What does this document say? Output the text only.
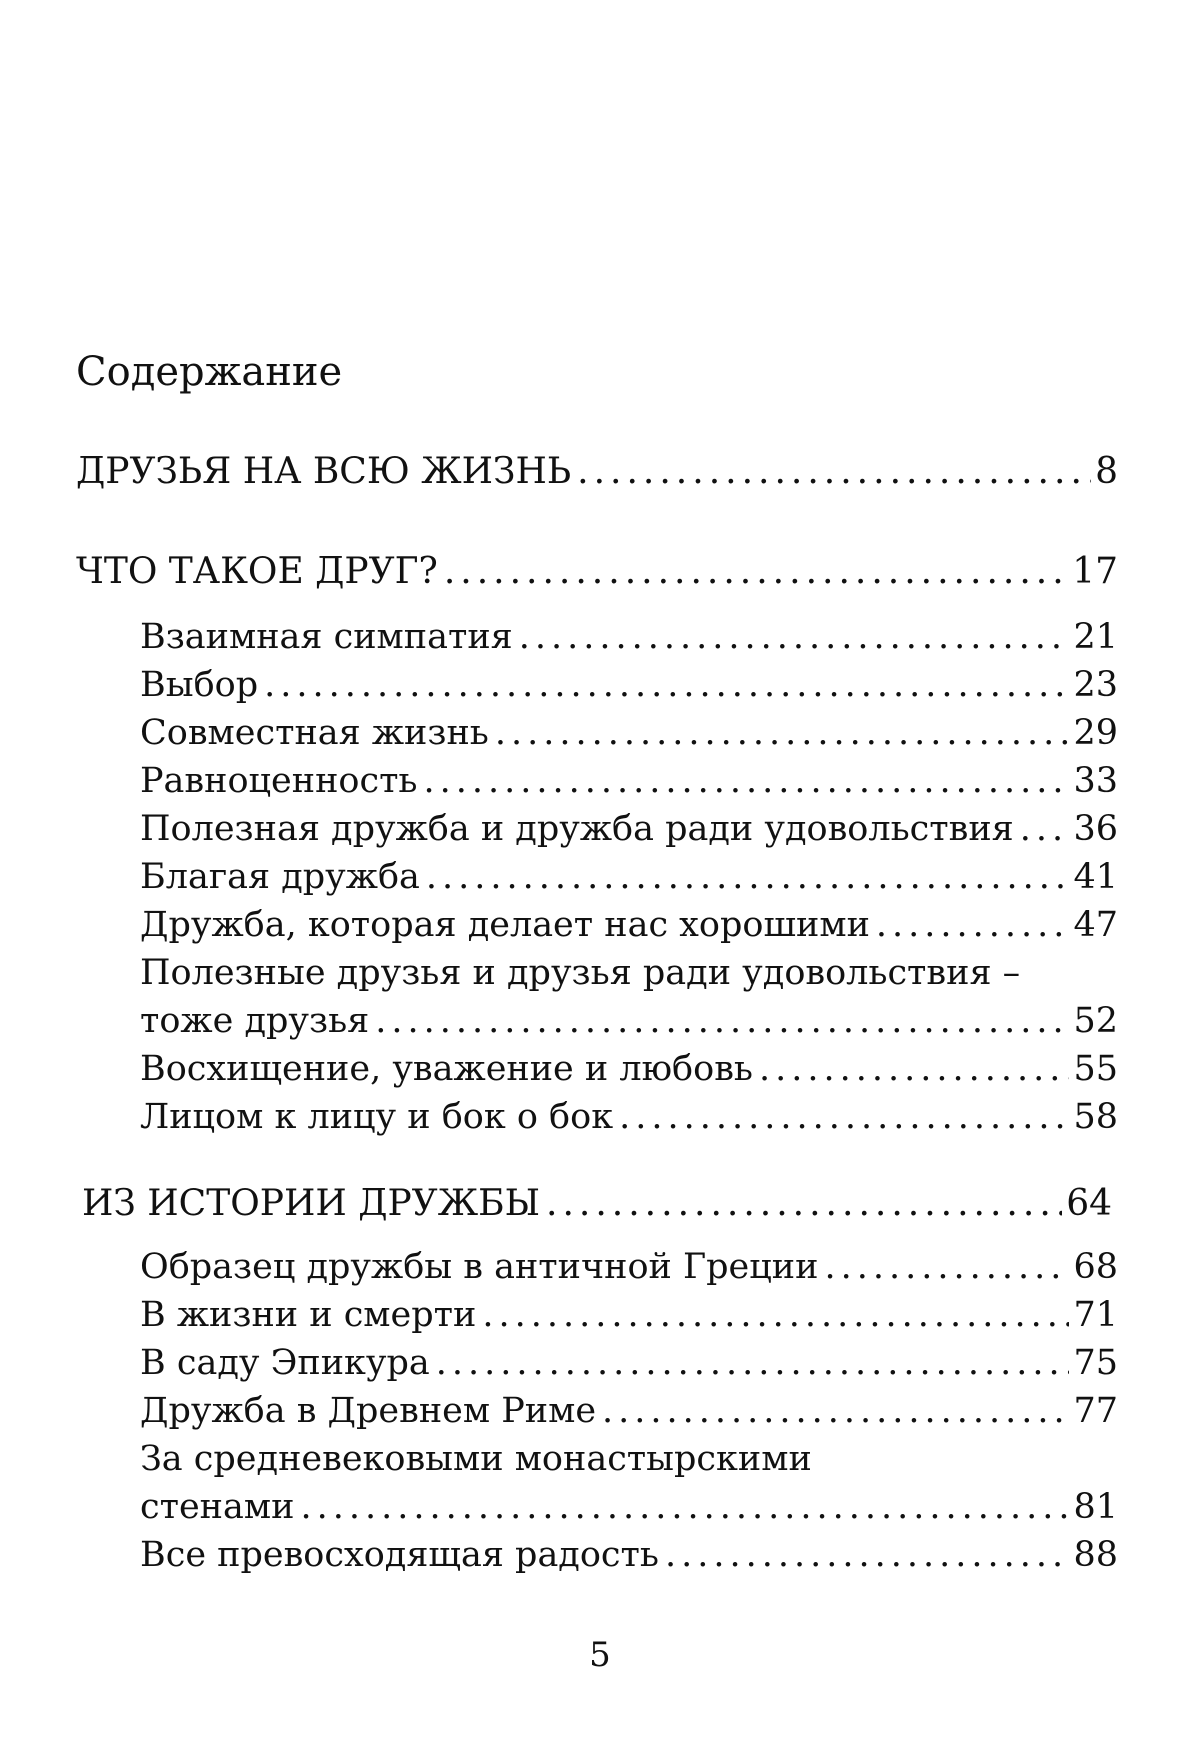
Содержание
ДРУЗЬЯ НА ВСЮ ЖИЗНЬ .....	8
ЧТО ТАКОЕ ДРУГ? .....	17
Взаимная симпатия .....	21
Выбор .....	23
Совместная жизнь .....	29
Равноценность .....	33
Полезная дружба и дружба ради удовольствия ..... 36
Благая дружба .....	41
Дружба, которая делает нас хорошими .....	47
Полезные друзья и друзья ради удовольствия –
тоже друзья .....	52
Восхищение, уважение и любовь .....	55
Лицом к лицу и бок о бок .....	58
ИЗ ИСТОРИИ ДРУЖБЫ .....	64
Образец дружбы в античной Греции .....	68
В жизни и смерти .....	71
В саду Эпикура .....	75
Дружба в Древнем Риме .....	77
За средневековыми монастырскими
стенами .....	81
Все превосходящая радость .....	88
5
